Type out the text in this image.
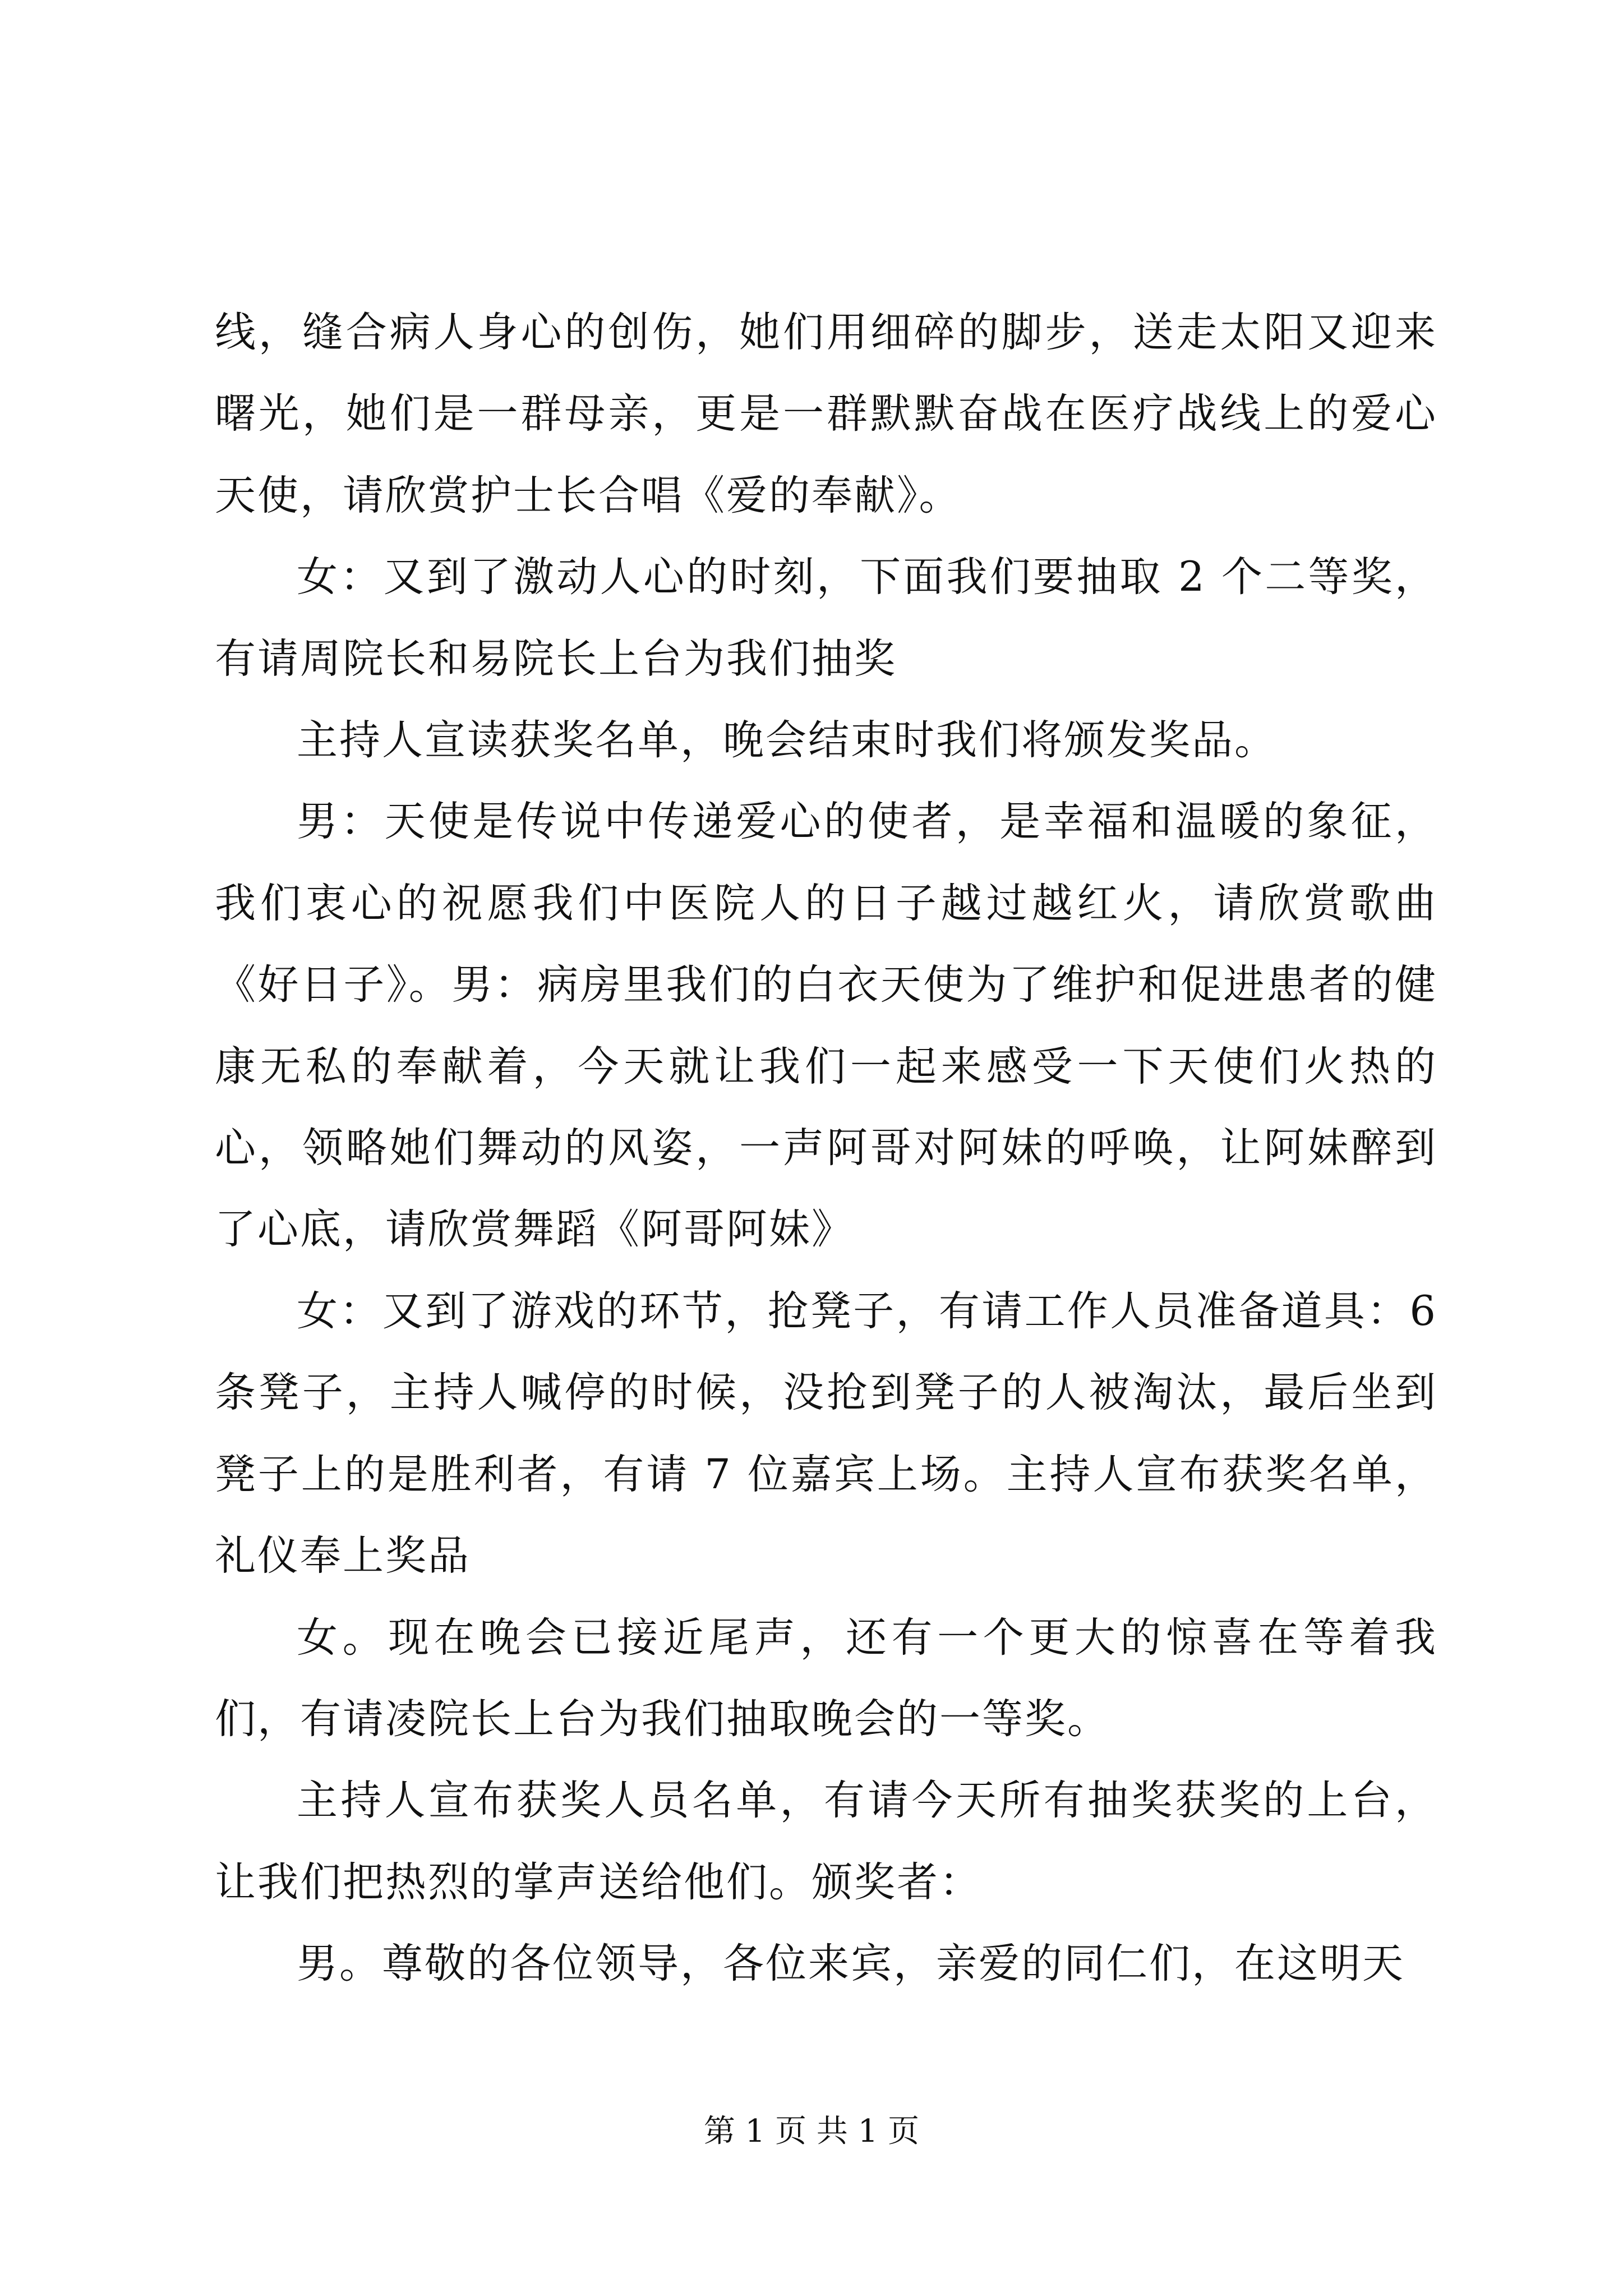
线，缝合病人身心的创伤，她们用细碎的脚步，送走太阳又迎来曙光，她们是一群母亲，更是一群默默奋战在医疗战线上的爱心天使，请欣赏护士长合唱《爱的奉献》。

女：又到了激动人心的时刻，下面我们要抽取 2 个二等奖，有请周院长和易院长上台为我们抽奖

主持人宣读获奖名单，晚会结束时我们将颁发奖品。

男：天使是传说中传递爱心的使者，是幸福和温暖的象征，我们衷心的祝愿我们中医院人的日子越过越红火，请欣赏歌曲《好日子》。男：病房里我们的白衣天使为了维护和促进患者的健康无私的奉献着，今天就让我们一起来感受一下天使们火热的心，领略她们舞动的风姿，一声阿哥对阿妹的呼唤，让阿妹醉到了心底，请欣赏舞蹈《阿哥阿妹》

女：又到了游戏的环节，抢凳子，有请工作人员准备道具：6条凳子，主持人喊停的时候，没抢到凳子的人被淘汰，最后坐到凳子上的是胜利者，有请 7 位嘉宾上场。主持人宣布获奖名单，礼仪奉上奖品

女。现在晚会已接近尾声，还有一个更大的惊喜在等着我们，有请凌院长上台为我们抽取晚会的一等奖。

主持人宣布获奖人员名单，有请今天所有抽奖获奖的上台，让我们把热烈的掌声送给他们。颁奖者：

男。尊敬的各位领导，各位来宾，亲爱的同仁们，在这明天

第 1 页 共 1 页
